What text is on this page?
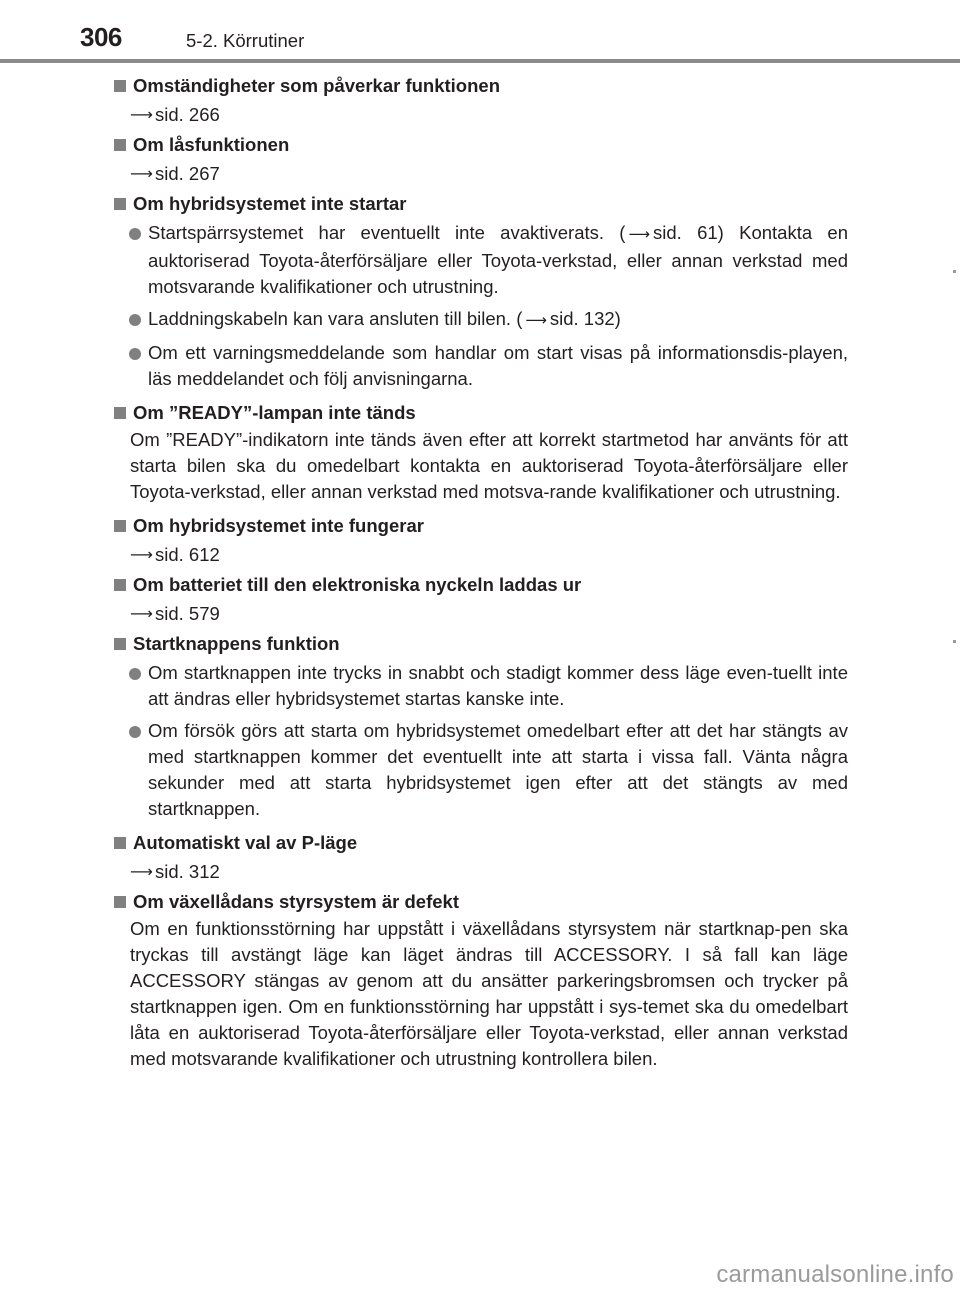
306	5-2. Körrutiner
Omständigheter som påverkar funktionen
⟶ sid. 266
Om låsfunktionen
⟶ sid. 267
Om hybridsystemet inte startar
Startspärrsystemet har eventuellt inte avaktiverats. ( ⟶ sid. 61) Kontakta en auktoriserad Toyota-återförsäljare eller Toyota-verkstad, eller annan verkstad med motsvarande kvalifikationer och utrustning.
Laddningskabeln kan vara ansluten till bilen. ( ⟶ sid. 132)
Om ett varningsmeddelande som handlar om start visas på informationsdis-playen, läs meddelandet och följ anvisningarna.
Om ”READY”-lampan inte tänds
Om ”READY”-indikatorn inte tänds även efter att korrekt startmetod har använts för att starta bilen ska du omedelbart kontakta en auktoriserad Toyota-återförsäljare eller Toyota-verkstad, eller annan verkstad med motsva-rande kvalifikationer och utrustning.
Om hybridsystemet inte fungerar
⟶ sid. 612
Om batteriet till den elektroniska nyckeln laddas ur
⟶ sid. 579
Startknappens funktion
Om startknappen inte trycks in snabbt och stadigt kommer dess läge even-tuellt inte att ändras eller hybridsystemet startas kanske inte.
Om försök görs att starta om hybridsystemet omedelbart efter att det har stängts av med startknappen kommer det eventuellt inte att starta i vissa fall. Vänta några sekunder med att starta hybridsystemet igen efter att det stängts av med startknappen.
Automatiskt val av P-läge
⟶ sid. 312
Om växellådans styrsystem är defekt
Om en funktionsstörning har uppstått i växellådans styrsystem när startknap-pen ska tryckas till avstängt läge kan läget ändras till ACCESSORY. I så fall kan läge ACCESSORY stängas av genom att du ansätter parkeringsbromsen och trycker på startknappen igen. Om en funktionsstörning har uppstått i sys-temet ska du omedelbart låta en auktoriserad Toyota-återförsäljare eller Toyota-verkstad, eller annan verkstad med motsvarande kvalifikationer och utrustning kontrollera bilen.
carmanualsonline.info
